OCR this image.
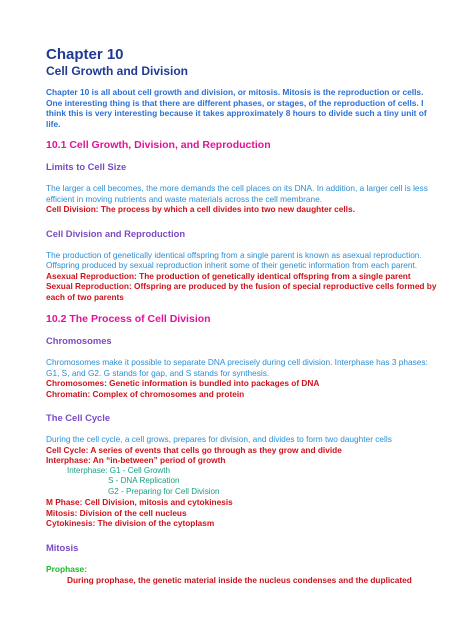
Chapter 10
Cell Growth and Division

Chapter 10 is all about cell growth and division, or mitosis. Mitosis is the reproduction or cells. One interesting thing is that there are different phases, or stages, of the reproduction of cells. I think this is very interesting because it takes approximately 8 hours to divide such a tiny unit of life.

10.1 Cell Growth, Division, and Reproduction
Limits to Cell Size

The larger a cell becomes, the more demands the cell places on its DNA. In addition, a larger cell is less efficient in moving nutrients and waste materials across the cell membrane.

Cell Division: The process by which a cell divides into two new daughter cells.

Cell Division and Reproduction

The production of genetically identical offspring from a single parent is known as asexual reproduction. Offspring produced by sexual reproduction inherit some of their genetic information from each parent.

Asexual Reproduction: The production of genetically identical offspring from a single parent

Sexual Reproduction: Offspring are produced by the fusion of special reproductive cells formed by each of two parents

10.2 The Process of Cell Division
Chromosomes

Chromosomes make it possible to separate DNA precisely during cell division. Interphase has 3 phases: G1, S, and G2. G stands for gap, and S stands for synthesis.

Chromosomes: Genetic information is bundled into packages of DNA

Chromatin: Complex of chromosomes and protein

The Cell Cycle

During the cell cycle, a cell grows, prepares for division, and divides to form two daughter cells

Cell Cycle: A series of events that cells go through as they grow and divide

Interphase: An “in-between” period of growth

Interphase: G1 - Cell Growth

S - DNA Replication

G2 - Preparing for Cell Division

M Phase: Cell Division, mitosis and cytokinesis

Mitosis: Division of the cell nucleus

Cytokinesis: The division of the cytoplasm

Mitosis

Prophase:

During prophase, the genetic material inside the nucleus condenses and the duplicated
